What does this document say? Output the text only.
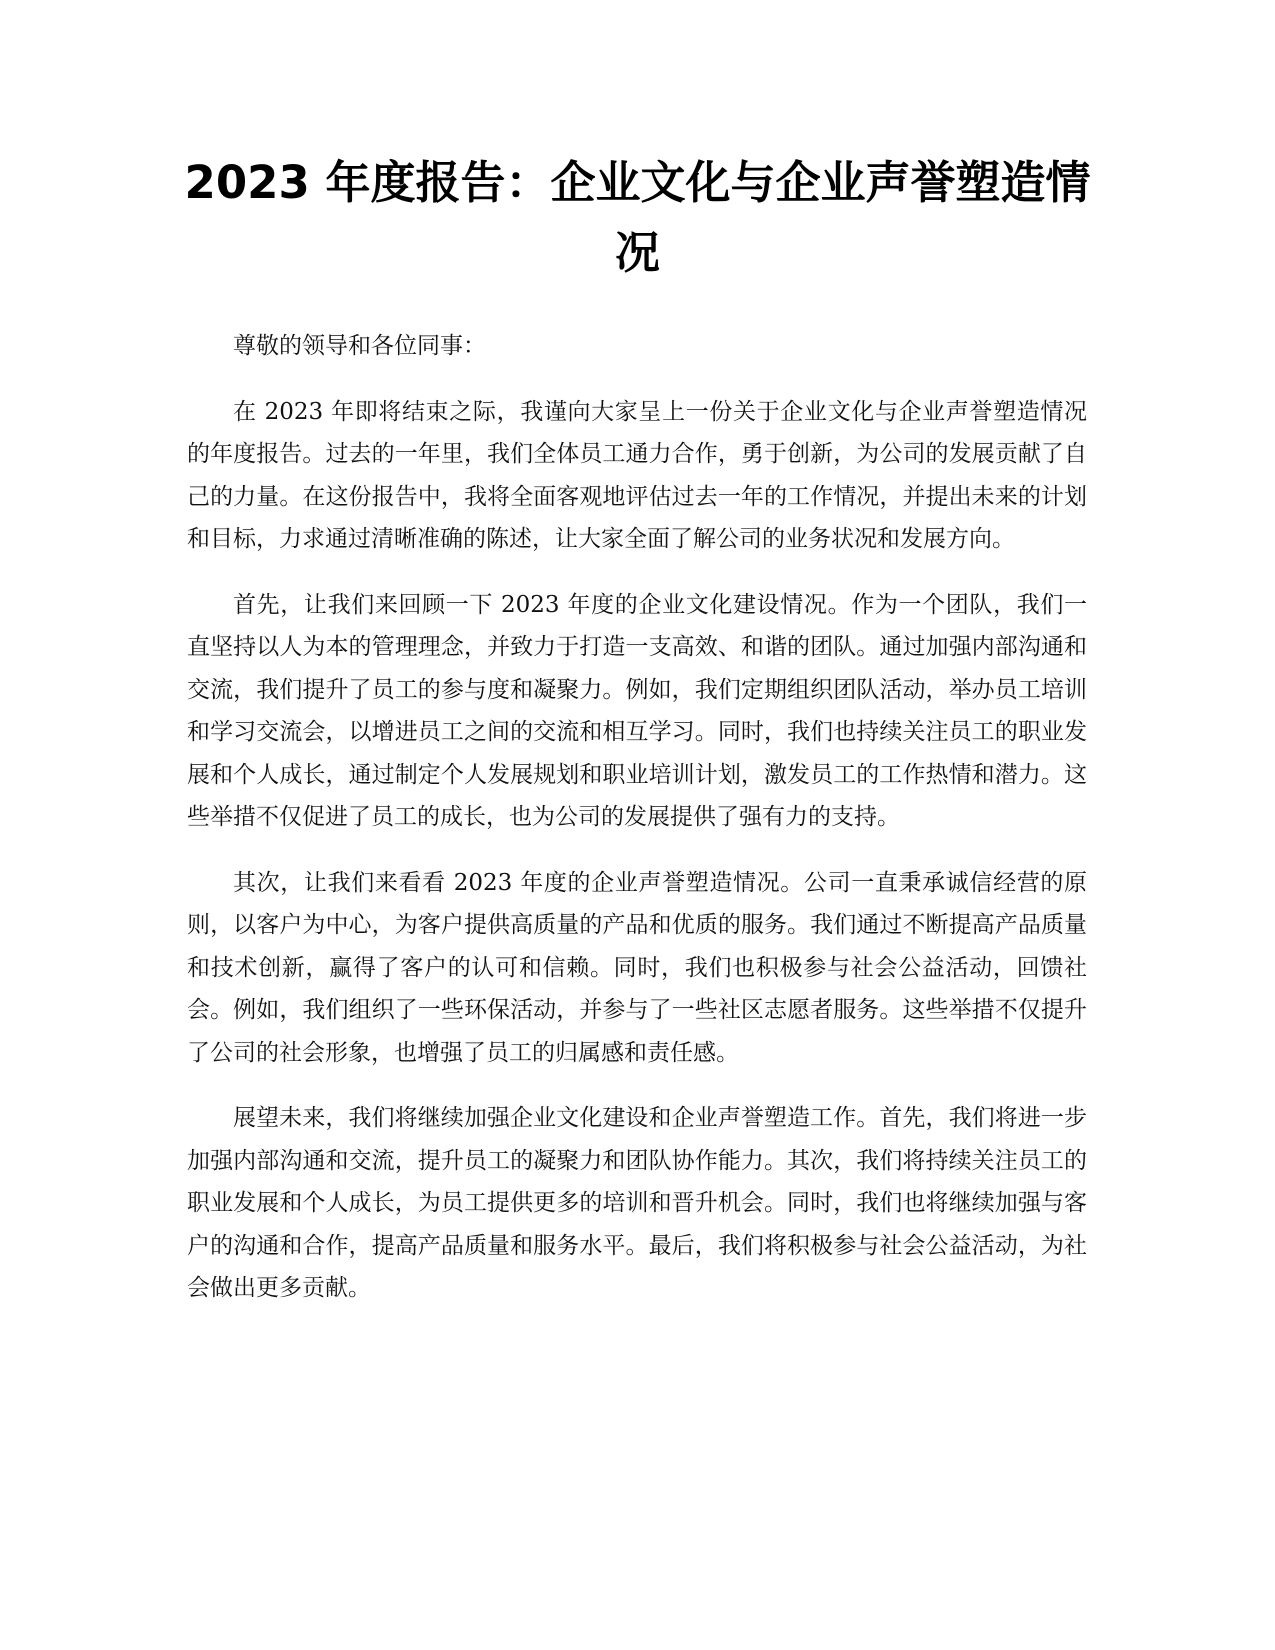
2023 年度报告：企业文化与企业声誉塑造情况

尊敬的领导和各位同事：

在 2023 年即将结束之际，我谨向大家呈上一份关于企业文化与企业声誉塑造情况的年度报告。过去的一年里，我们全体员工通力合作，勇于创新，为公司的发展贡献了自己的力量。在这份报告中，我将全面客观地评估过去一年的工作情况，并提出未来的计划和目标，力求通过清晰准确的陈述，让大家全面了解公司的业务状况和发展方向。

首先，让我们来回顾一下 2023 年度的企业文化建设情况。作为一个团队，我们一直坚持以人为本的管理理念，并致力于打造一支高效、和谐的团队。通过加强内部沟通和交流，我们提升了员工的参与度和凝聚力。例如，我们定期组织团队活动，举办员工培训和学习交流会，以增进员工之间的交流和相互学习。同时，我们也持续关注员工的职业发展和个人成长，通过制定个人发展规划和职业培训计划，激发员工的工作热情和潜力。这些举措不仅促进了员工的成长，也为公司的发展提供了强有力的支持。

其次，让我们来看看 2023 年度的企业声誉塑造情况。公司一直秉承诚信经营的原则，以客户为中心，为客户提供高质量的产品和优质的服务。我们通过不断提高产品质量和技术创新，赢得了客户的认可和信赖。同时，我们也积极参与社会公益活动，回馈社会。例如，我们组织了一些环保活动，并参与了一些社区志愿者服务。这些举措不仅提升了公司的社会形象，也增强了员工的归属感和责任感。

展望未来，我们将继续加强企业文化建设和企业声誉塑造工作。首先，我们将进一步加强内部沟通和交流，提升员工的凝聚力和团队协作能力。其次，我们将持续关注员工的职业发展和个人成长，为员工提供更多的培训和晋升机会。同时，我们也将继续加强与客户的沟通和合作，提高产品质量和服务水平。最后，我们将积极参与社会公益活动，为社会做出更多贡献。
